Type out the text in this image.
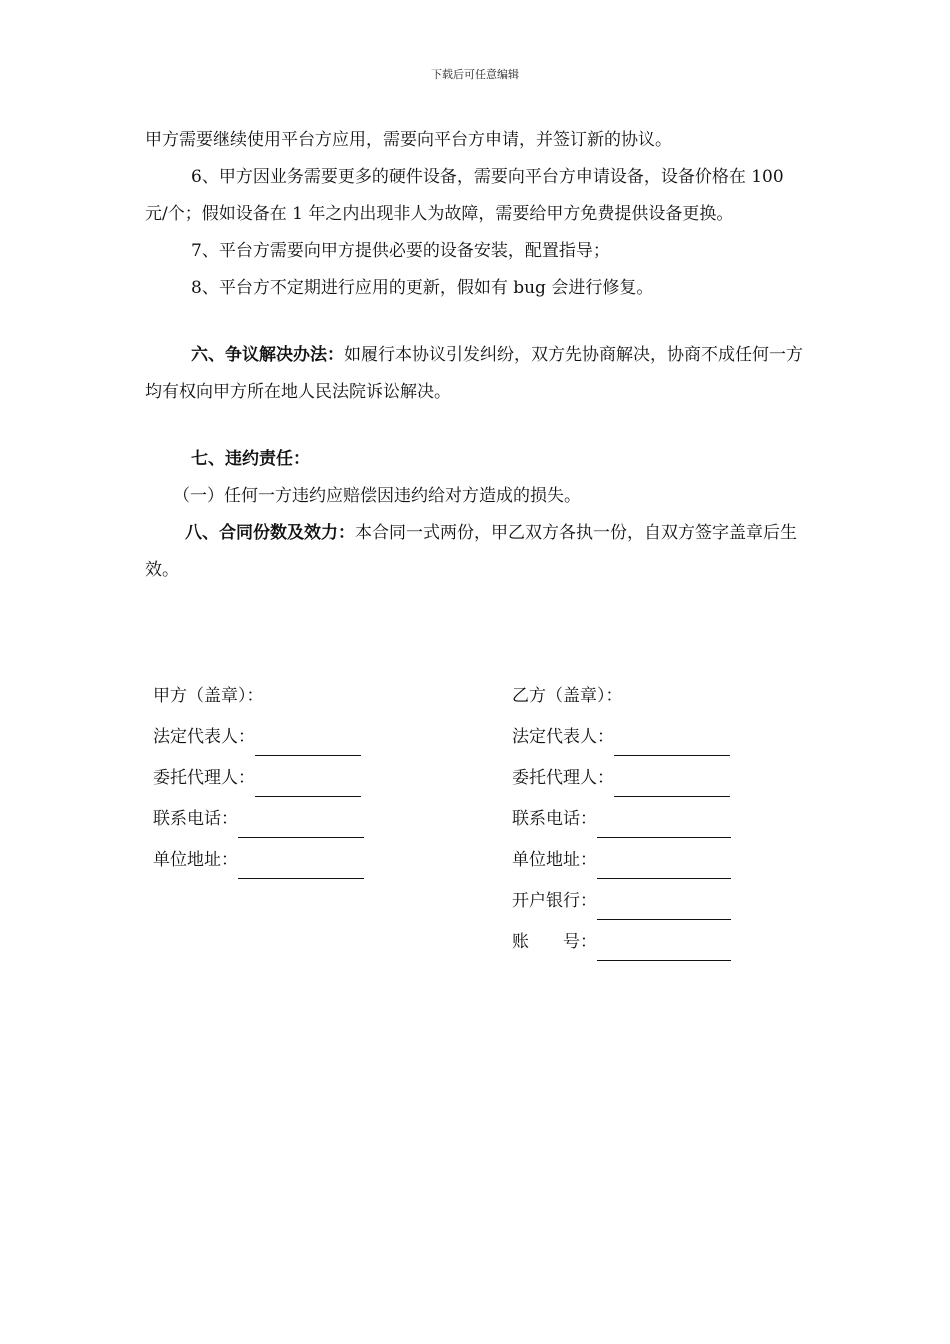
下载后可任意编辑

甲方需要继续使用平台方应用，需要向平台方申请，并签订新的协议。

6、甲方因业务需要更多的硬件设备，需要向平台方申请设备，设备价格在 100 元/个；假如设备在 1 年之内出现非人为故障，需要给甲方免费提供设备更换。

7、平台方需要向甲方提供必要的设备安装，配置指导；

8、平台方不定期进行应用的更新，假如有 bug 会进行修复。

六、争议解决办法：如履行本协议引发纠纷，双方先协商解决，协商不成任何一方均有权向甲方所在地人民法院诉讼解决。

七、违约责任：

（一）任何一方违约应赔偿因违约给对方造成的损失。

八、合同份数及效力：本合同一式两份，甲乙双方各执一份，自双方签字盖章后生效。

甲方（盖章）：
法定代表人：
委托代理人：
联系电话：
单位地址：
乙方（盖章）：
法定代表人：
委托代理人：
联系电话：
单位地址：
开户银行：
账 号：
